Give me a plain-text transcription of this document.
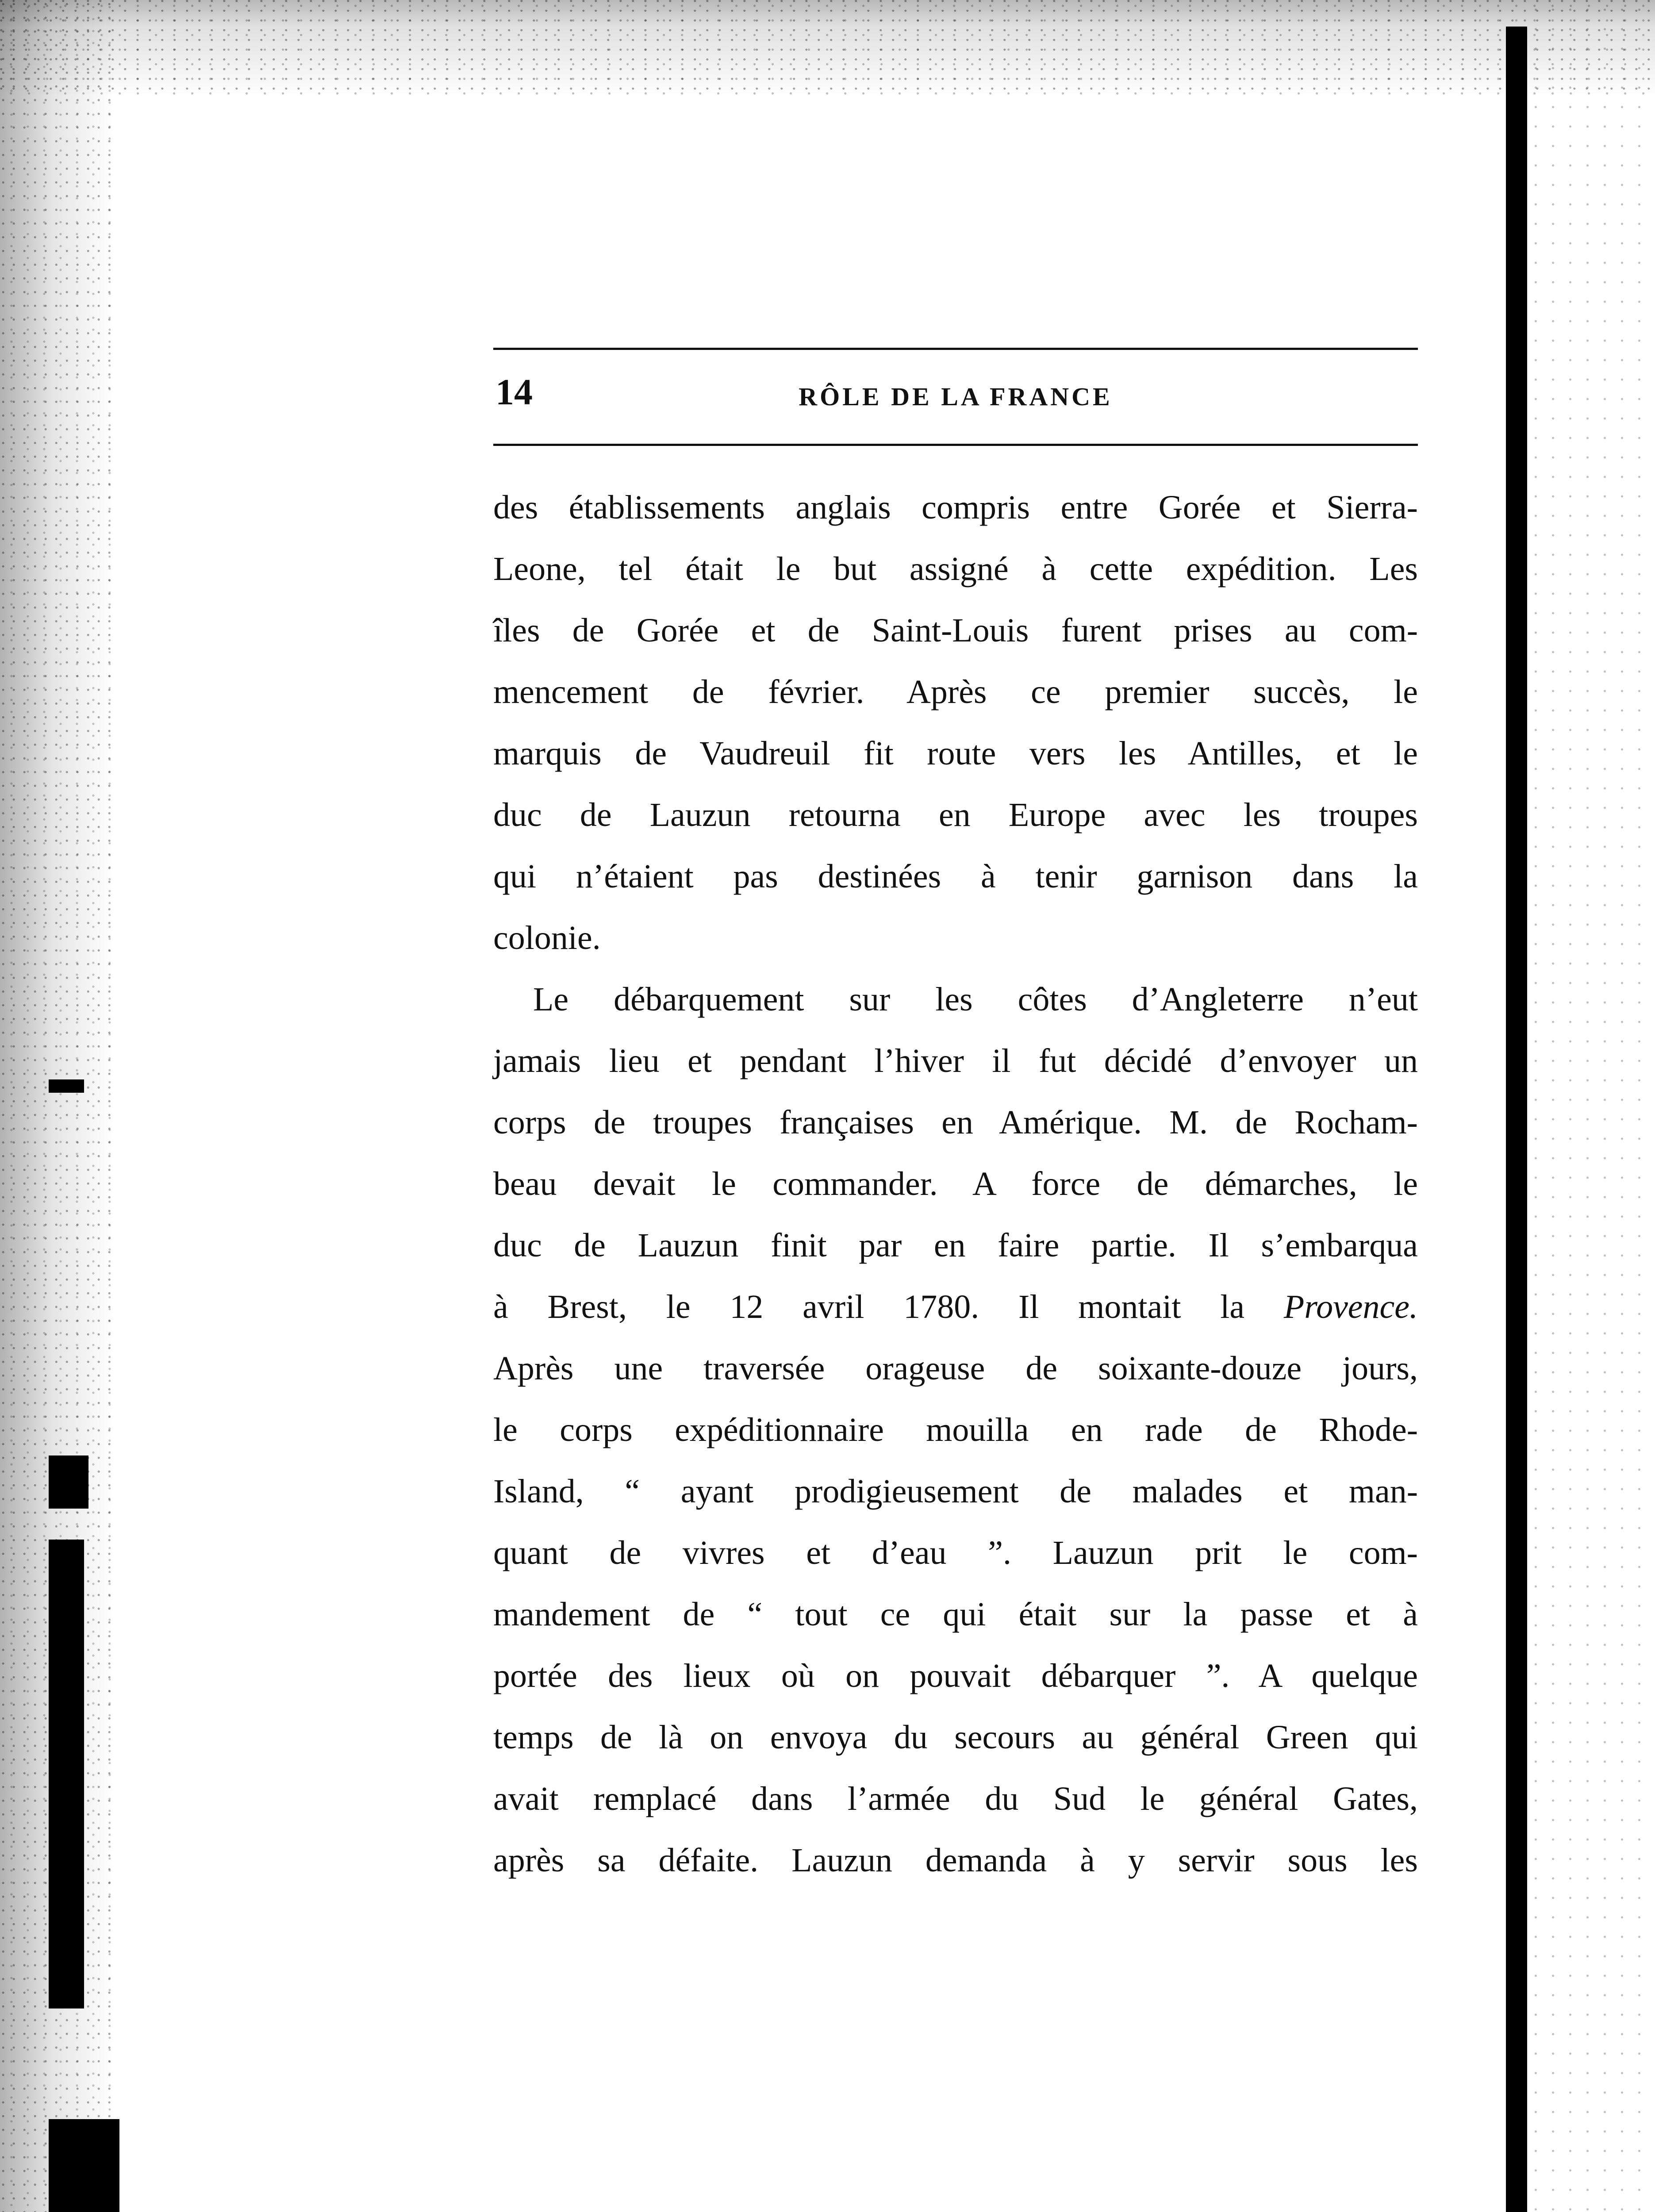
14	RÔLE DE LA FRANCE
des établissements anglais compris entre Gorée et Sierra-
Leone, tel était le but assigné à cette expédition. Les
îles de Gorée et de Saint-Louis furent prises au com-
mencement de février. Après ce premier succès, le
marquis de Vaudreuil fit route vers les Antilles, et le
duc de Lauzun retourna en Europe avec les troupes
qui n’étaient pas destinées à tenir garnison dans la
colonie.
Le débarquement sur les côtes d’Angleterre n’eut
jamais lieu et pendant l’hiver il fut décidé d’envoyer un
corps de troupes françaises en Amérique. M. de Rocham-
beau devait le commander. A force de démarches, le
duc de Lauzun finit par en faire partie. Il s’embarqua
à Brest, le 12 avril 1780. Il montait la Provence.
Après une traversée orageuse de soixante-douze jours,
le corps expéditionnaire mouilla en rade de Rhode-
Island, “ ayant prodigieusement de malades et man-
quant de vivres et d’eau ”. Lauzun prit le com-
mandement de “ tout ce qui était sur la passe et à
portée des lieux où on pouvait débarquer ”. A quelque
temps de là on envoya du secours au général Green qui
avait remplacé dans l’armée du Sud le général Gates,
après sa défaite. Lauzun demanda à y servir sous les
